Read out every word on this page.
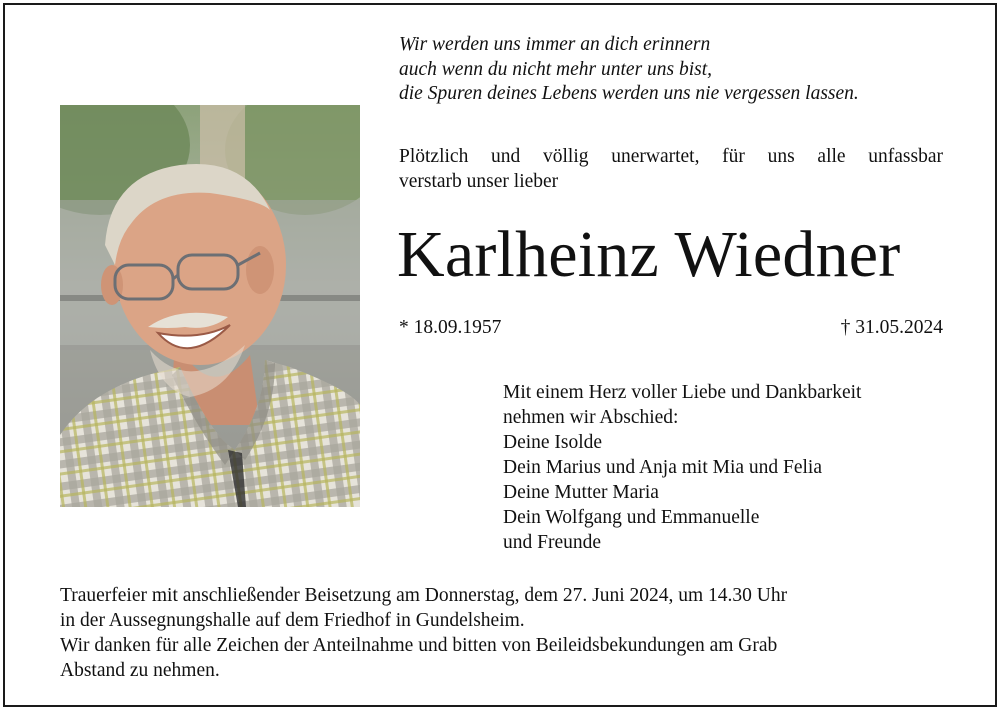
Wir werden uns immer an dich erinnern
auch wenn du nicht mehr unter uns bist,
die Spuren deines Lebens werden uns nie vergessen lassen.
Plötzlich und völlig unerwartet, für uns alle unfassbar
verstarb unser lieber
Karlheinz Wiedner
* 18.09.1957	† 31.05.2024
Mit einem Herz voller Liebe und Dankbarkeit
nehmen wir Abschied:
Deine Isolde
Dein Marius und Anja mit Mia und Felia
Deine Mutter Maria
Dein Wolfgang und Emmanuelle
und Freunde
Trauerfeier mit anschließender Beisetzung am Donnerstag, dem 27. Juni 2024, um 14.30 Uhr
in der Aussegnungshalle auf dem Friedhof in Gundelsheim.
Wir danken für alle Zeichen der Anteilnahme und bitten von Beileidsbekundungen am Grab
Abstand zu nehmen.
